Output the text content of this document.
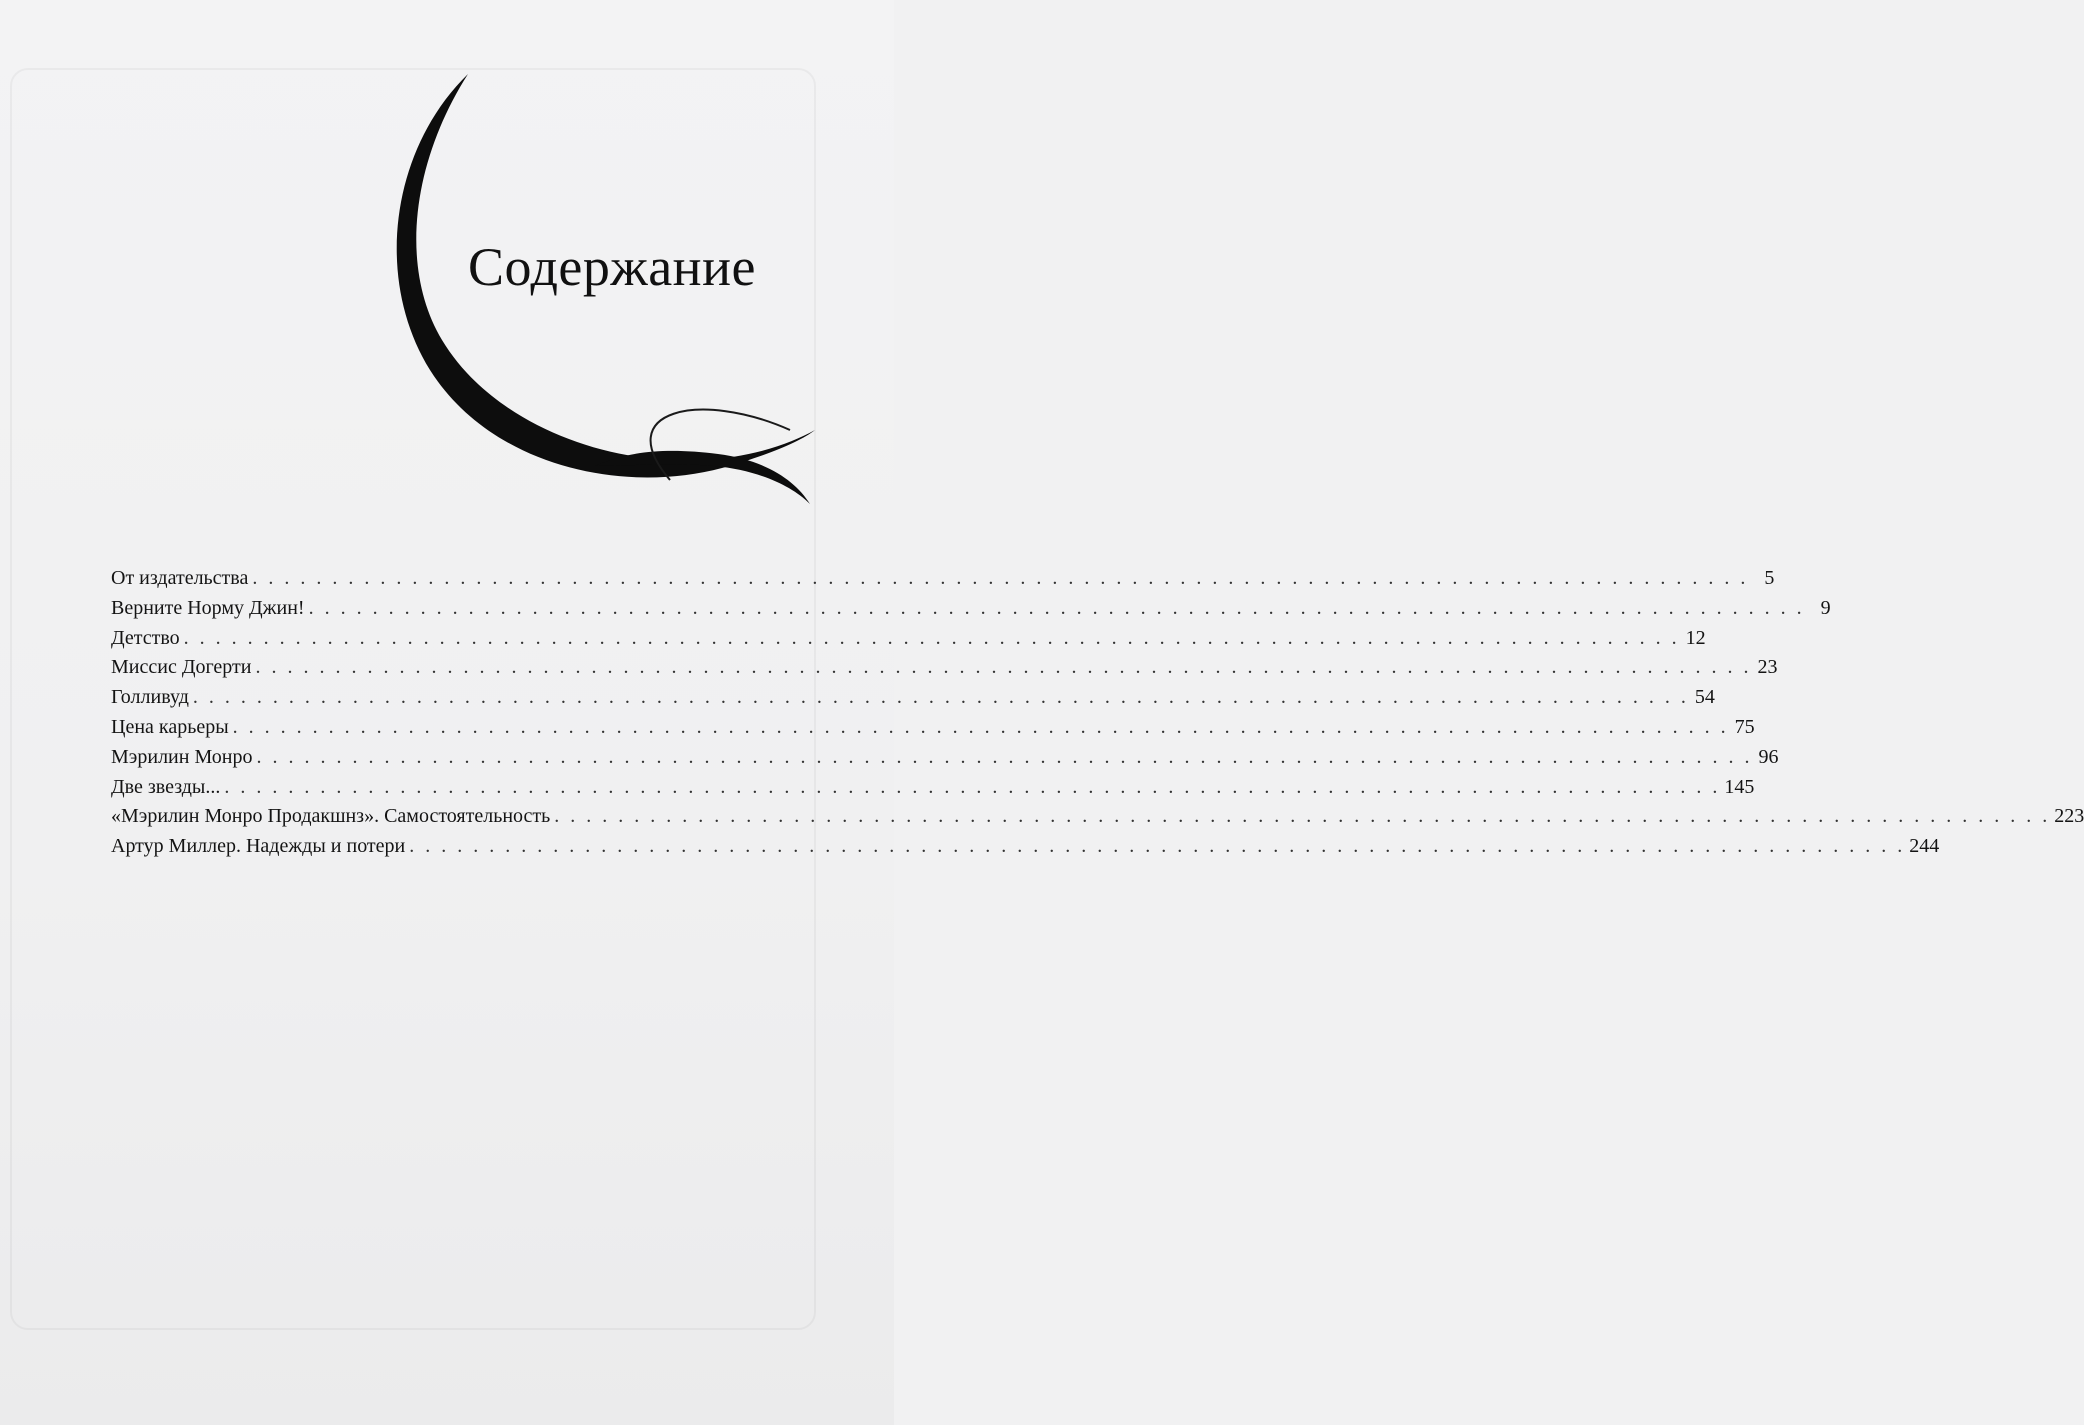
Содержание
От издательства . . . . . . . . . . . . . . . . . . . . . . . . . . . . . . . . . . . . . . . . . . . . . . . . . . . . . . . . . . . . . . . . . . . . . . . . . . . . . . . . . . . . . . . . . . . . . . 5
Верните Норму Джин! . . . . . . . . . . . . . . . . . . . . . . . . . . . . . . . . . . . . . . . . . . . . . . . . . . . . . . . . . . . . . . . . . . . . . . . . . . . . . . . . . . . . . . . . . . . . . . 9
Детство . . . . . . . . . . . . . . . . . . . . . . . . . . . . . . . . . . . . . . . . . . . . . . . . . . . . . . . . . . . . . . . . . . . . . . . . . . . . . . . . . . . . . . . . . . . . . . 12
Миссис Догерти . . . . . . . . . . . . . . . . . . . . . . . . . . . . . . . . . . . . . . . . . . . . . . . . . . . . . . . . . . . . . . . . . . . . . . . . . . . . . . . . . . . . . . . . . . . . . . 23
Голливуд . . . . . . . . . . . . . . . . . . . . . . . . . . . . . . . . . . . . . . . . . . . . . . . . . . . . . . . . . . . . . . . . . . . . . . . . . . . . . . . . . . . . . . . . . . . . . . 54
Цена карьеры . . . . . . . . . . . . . . . . . . . . . . . . . . . . . . . . . . . . . . . . . . . . . . . . . . . . . . . . . . . . . . . . . . . . . . . . . . . . . . . . . . . . . . . . . . . . . . 75
Мэрилин Монро . . . . . . . . . . . . . . . . . . . . . . . . . . . . . . . . . . . . . . . . . . . . . . . . . . . . . . . . . . . . . . . . . . . . . . . . . . . . . . . . . . . . . . . . . . . . . . 96
Две звезды... . . . . . . . . . . . . . . . . . . . . . . . . . . . . . . . . . . . . . . . . . . . . . . . . . . . . . . . . . . . . . . . . . . . . . . . . . . . . . . . . . . . . . . . . . . . . . . 145
«Мэрилин Монро Продакшнз». Самостоятельность . . . . . . . . . . . . . . . . . . . . . . . . . . . . . . . . . . . . . . . . . . . . . . . . . . . . . . . . . . . . . . . . . . . . . . . . . . . . . . . . . . . . . . . . . . . . . . 223
Артур Миллер. Надежды и потери . . . . . . . . . . . . . . . . . . . . . . . . . . . . . . . . . . . . . . . . . . . . . . . . . . . . . . . . . . . . . . . . . . . . . . . . . . . . . . . . . . . . . . . . . . . . . . 244
